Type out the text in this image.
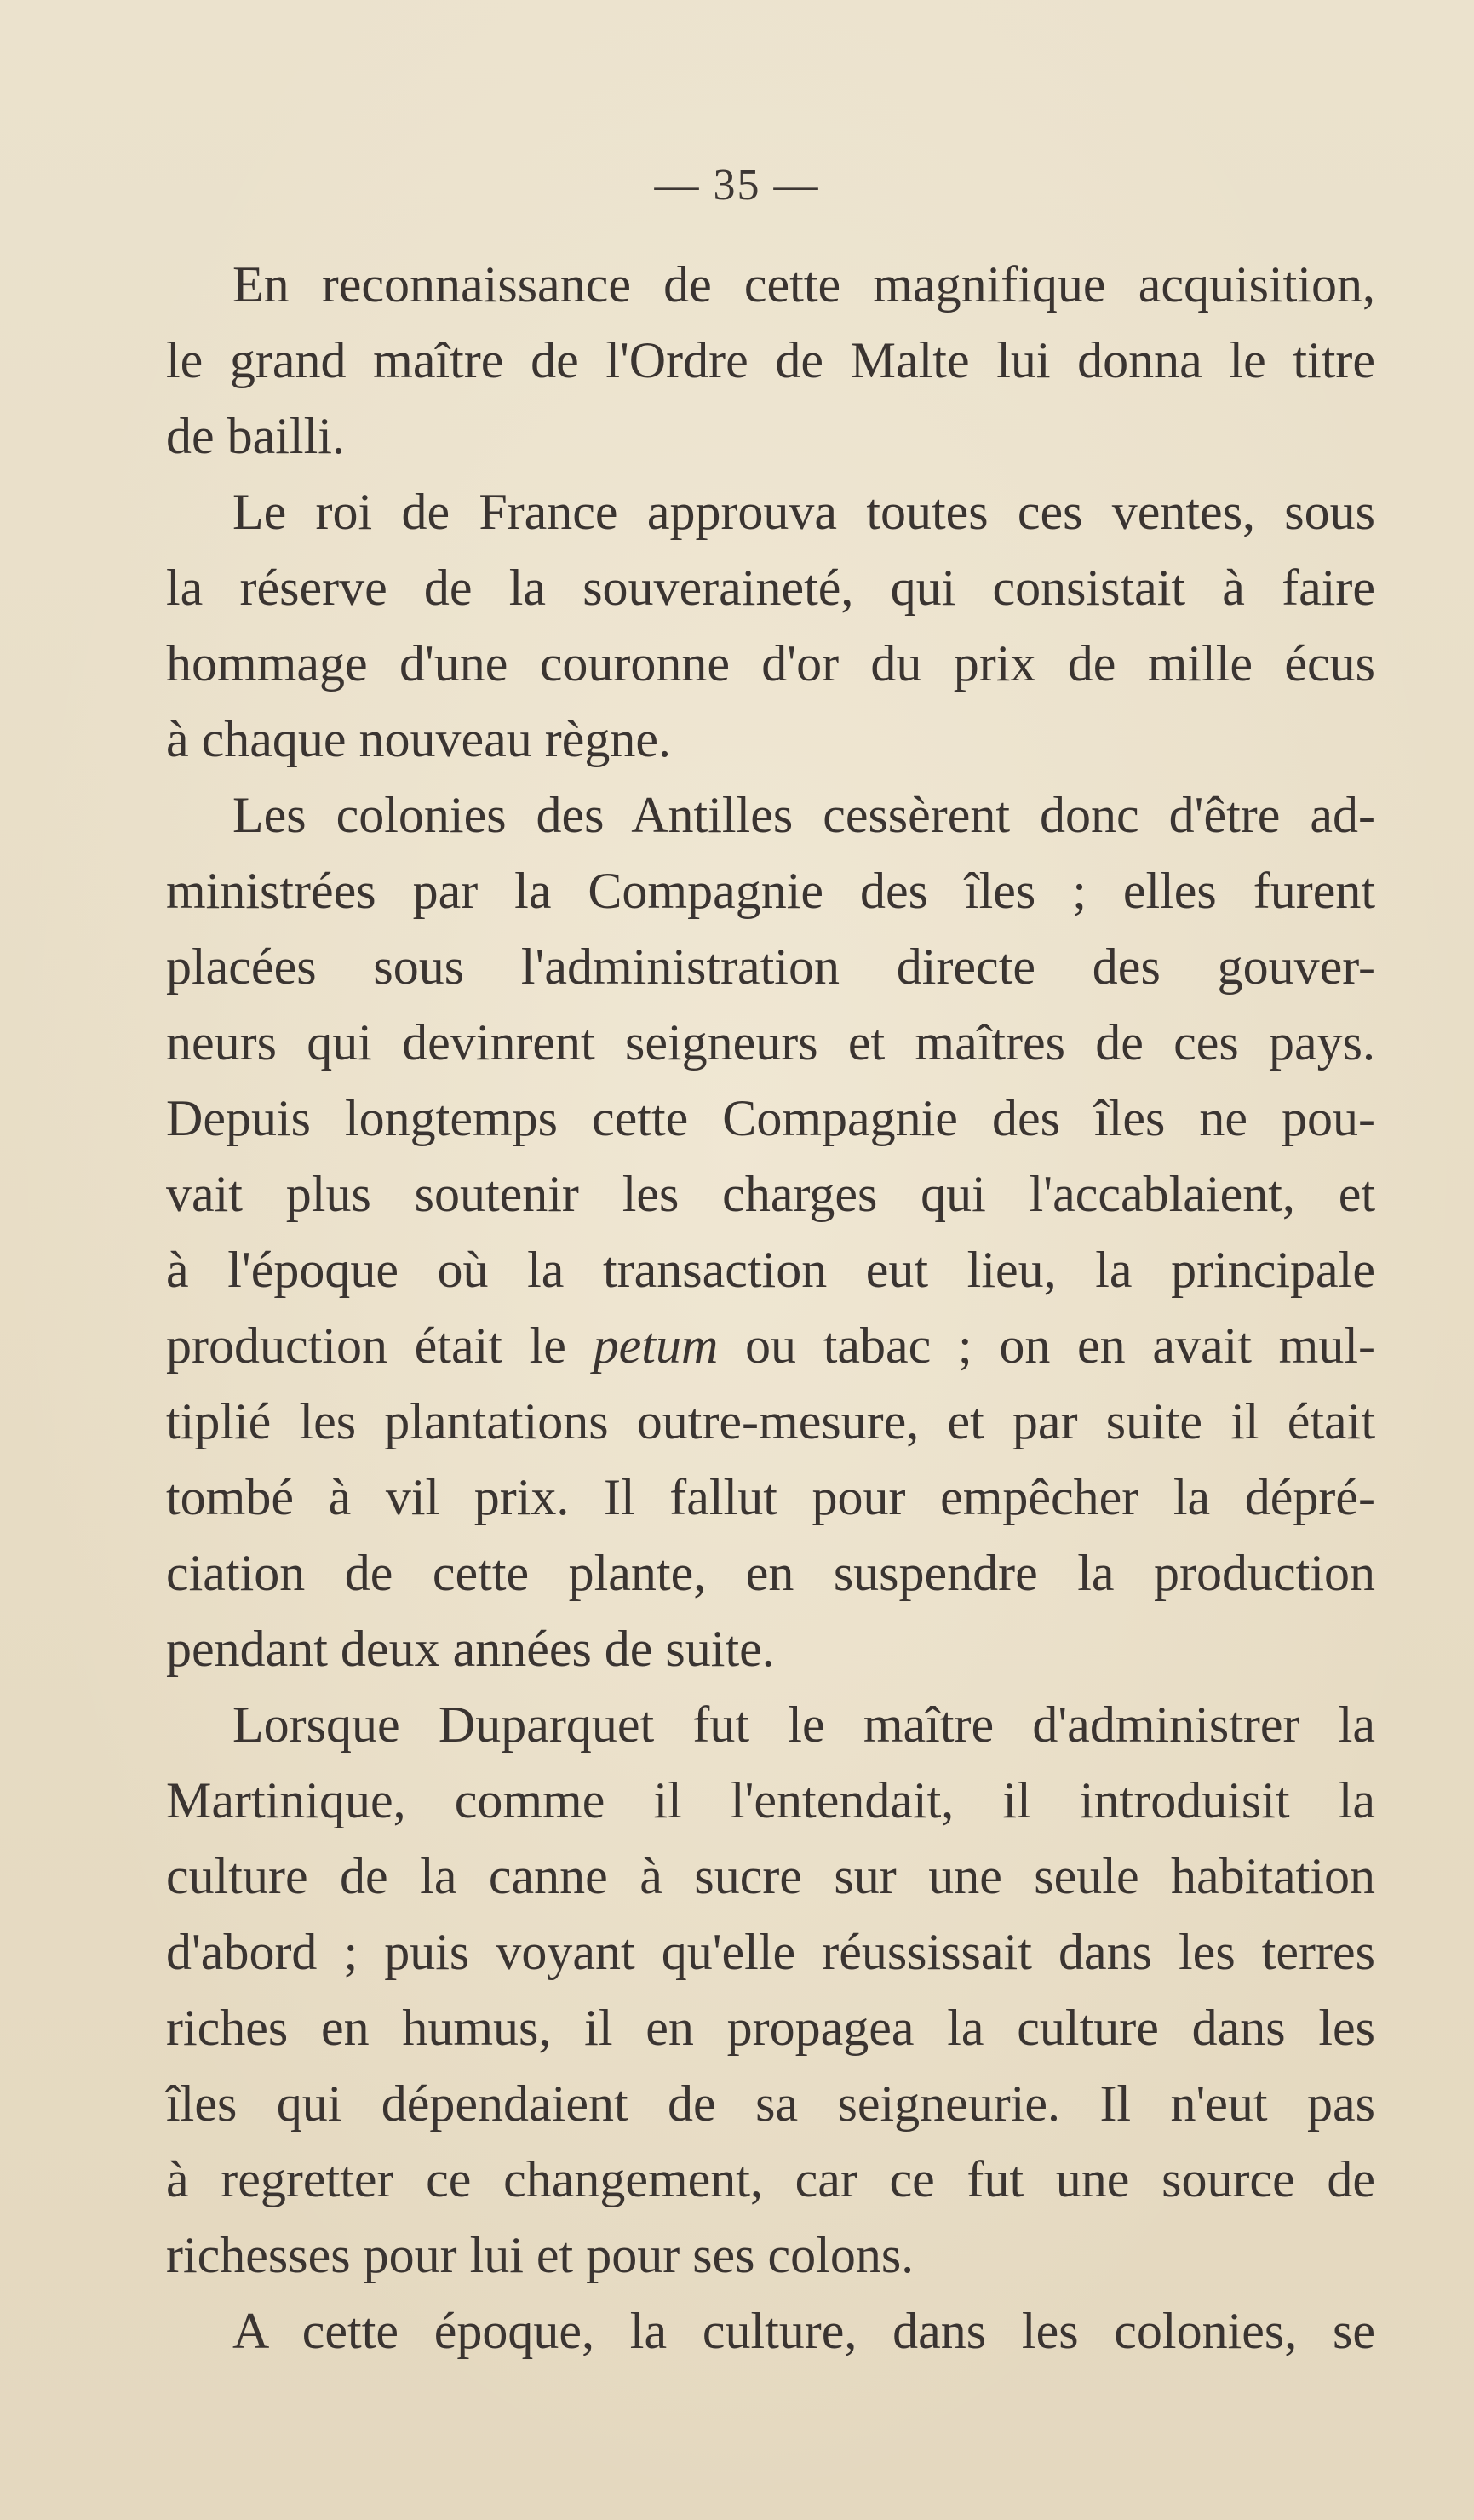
— 35 —
En reconnaissance de cette magnifique acquisition,
le grand maître de l'Ordre de Malte lui donna le titre
de bailli.
Le roi de France approuva toutes ces ventes, sous
la réserve de la souveraineté, qui consistait à faire
hommage d'une couronne d'or du prix de mille écus
à chaque nouveau règne.
Les colonies des Antilles cessèrent donc d'être ad-
ministrées par la Compagnie des îles ; elles furent
placées sous l'administration directe des gouver-
neurs qui devinrent seigneurs et maîtres de ces pays.
Depuis longtemps cette Compagnie des îles ne pou-
vait plus soutenir les charges qui l'accablaient, et
à l'époque où la transaction eut lieu, la principale
production était le petum ou tabac ; on en avait mul-
tiplié les plantations outre-mesure, et par suite il était
tombé à vil prix. Il fallut pour empêcher la dépré-
ciation de cette plante, en suspendre la production
pendant deux années de suite.
Lorsque Duparquet fut le maître d'administrer la
Martinique, comme il l'entendait, il introduisit la
culture de la canne à sucre sur une seule habitation
d'abord ; puis voyant qu'elle réussissait dans les terres
riches en humus, il en propagea la culture dans les
îles qui dépendaient de sa seigneurie. Il n'eut pas
à regretter ce changement, car ce fut une source de
richesses pour lui et pour ses colons.
A cette époque, la culture, dans les colonies, se
